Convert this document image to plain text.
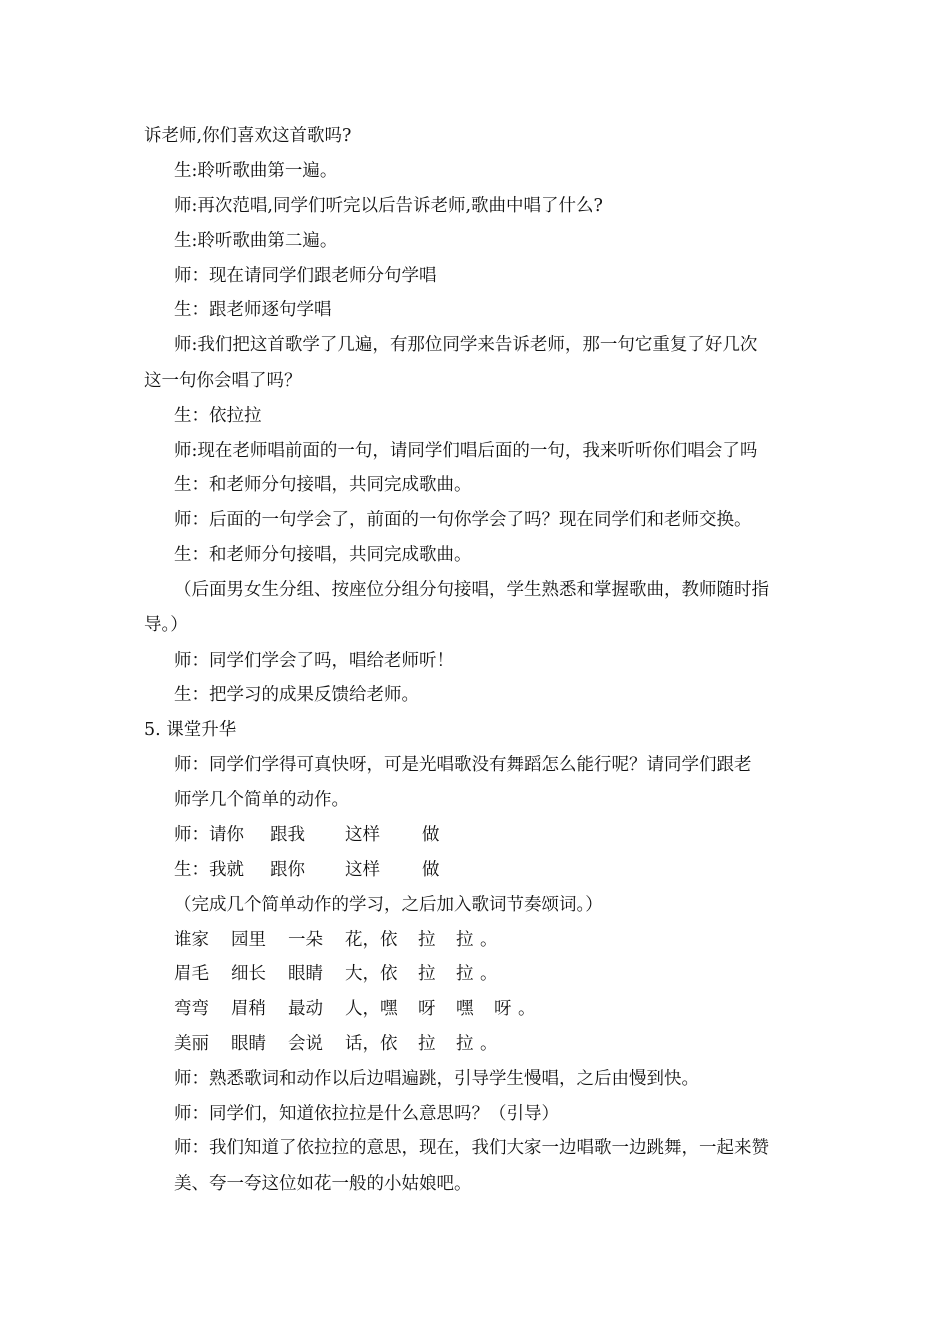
诉老师,你们喜欢这首歌吗?
生:聆听歌曲第一遍。
师:再次范唱,同学们听完以后告诉老师,歌曲中唱了什么?
生:聆听歌曲第二遍。
师：现在请同学们跟老师分句学唱
生：跟老师逐句学唱
师:我们把这首歌学了几遍，有那位同学来告诉老师，那一句它重复了好几次
这一句你会唱了吗？
生：依拉拉
师:现在老师唱前面的一句，请同学们唱后面的一句，我来听听你们唱会了吗
生：和老师分句接唱，共同完成歌曲。
师：后面的一句学会了，前面的一句你学会了吗？现在同学们和老师交换。
生：和老师分句接唱，共同完成歌曲。
（后面男女生分组、按座位分组分句接唱，学生熟悉和掌握歌曲，教师随时指
导。）
师：同学们学会了吗，唱给老师听！
生：把学习的成果反馈给老师。
5. 课堂升华
师：同学们学得可真快呀，可是光唱歌没有舞蹈怎么能行呢？请同学们跟老
师学几个简单的动作。
师：请你 跟我 这样 做
生：我就 跟你 这样 做
（完成几个简单动作的学习，之后加入歌词节奏颂词。）
谁家 园里 一朵 花，依 拉 拉 。
眉毛 细长 眼睛 大，依 拉 拉 。
弯弯 眉稍 最动 人，嘿 呀 嘿 呀 。
美丽 眼睛 会说 话，依 拉 拉 。
师：熟悉歌词和动作以后边唱遍跳，引导学生慢唱，之后由慢到快。
师：同学们，知道依拉拉是什么意思吗？（引导）
师：我们知道了依拉拉的意思，现在，我们大家一边唱歌一边跳舞，一起来赞
美、夸一夸这位如花一般的小姑娘吧。
